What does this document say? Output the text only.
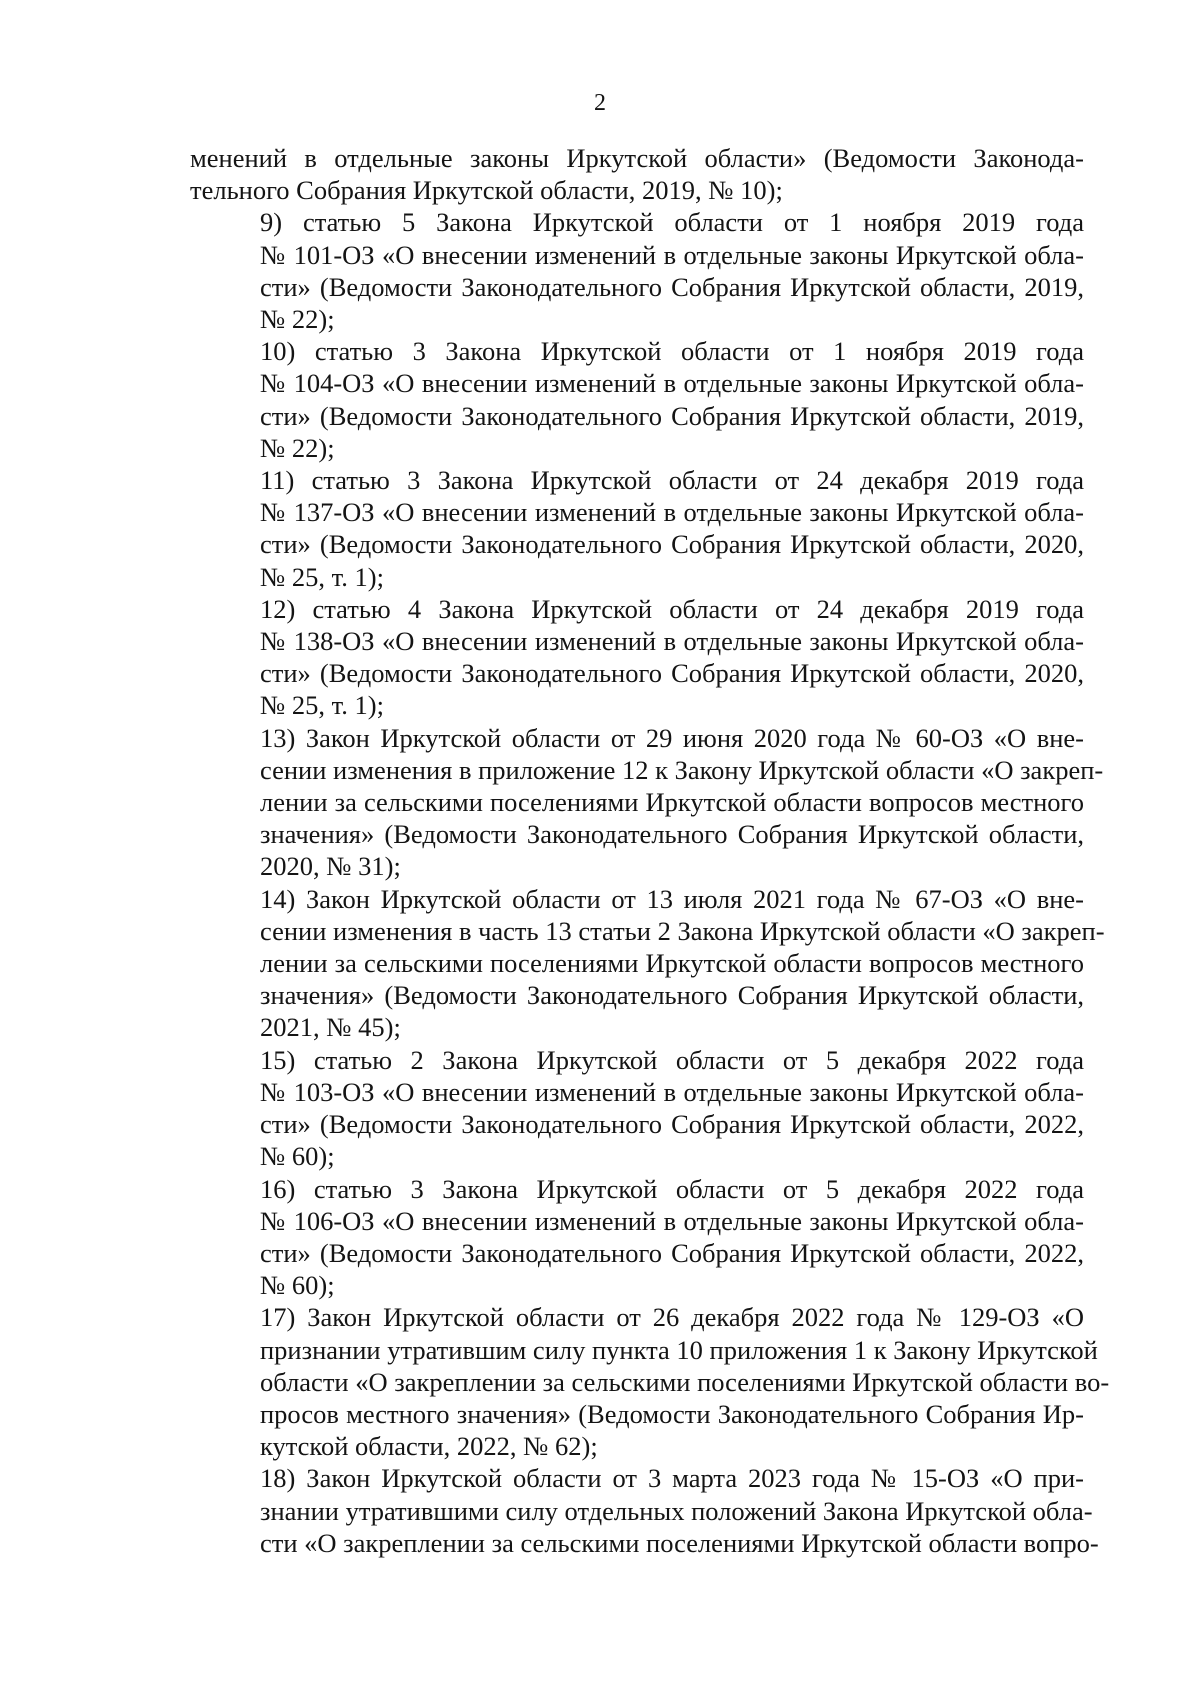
2

менений в отдельные законы Иркутской области» (Ведомости Законода-
тельного Собрания Иркутской области, 2019, № 10);

9) статью 5 Закона Иркутской области от 1 ноября 2019 года
№ 101-ОЗ «О внесении изменений в отдельные законы Иркутской обла-
сти» (Ведомости Законодательного Собрания Иркутской области, 2019,
№ 22);

10) статью 3 Закона Иркутской области от 1 ноября 2019 года
№ 104-ОЗ «О внесении изменений в отдельные законы Иркутской обла-
сти» (Ведомости Законодательного Собрания Иркутской области, 2019,
№ 22);

11) статью 3 Закона Иркутской области от 24 декабря 2019 года
№ 137-ОЗ «О внесении изменений в отдельные законы Иркутской обла-
сти» (Ведомости Законодательного Собрания Иркутской области, 2020,
№ 25, т. 1);

12) статью 4 Закона Иркутской области от 24 декабря 2019 года
№ 138-ОЗ «О внесении изменений в отдельные законы Иркутской обла-
сти» (Ведомости Законодательного Собрания Иркутской области, 2020,
№ 25, т. 1);

13) Закон Иркутской области от 29 июня 2020 года № 60-ОЗ «О вне-
сении изменения в приложение 12 к Закону Иркутской области «О закреп-
лении за сельскими поселениями Иркутской области вопросов местного
значения» (Ведомости Законодательного Собрания Иркутской области,
2020, № 31);

14) Закон Иркутской области от 13 июля 2021 года № 67-ОЗ «О вне-
сении изменения в часть 13 статьи 2 Закона Иркутской области «О закреп-
лении за сельскими поселениями Иркутской области вопросов местного
значения» (Ведомости Законодательного Собрания Иркутской области,
2021, № 45);

15) статью 2 Закона Иркутской области от 5 декабря 2022 года
№ 103-ОЗ «О внесении изменений в отдельные законы Иркутской обла-
сти» (Ведомости Законодательного Собрания Иркутской области, 2022,
№ 60);

16) статью 3 Закона Иркутской области от 5 декабря 2022 года
№ 106-ОЗ «О внесении изменений в отдельные законы Иркутской обла-
сти» (Ведомости Законодательного Собрания Иркутской области, 2022,
№ 60);

17) Закон Иркутской области от 26 декабря 2022 года № 129-ОЗ «О
признании утратившим силу пункта 10 приложения 1 к Закону Иркутской
области «О закреплении за сельскими поселениями Иркутской области во-
просов местного значения» (Ведомости Законодательного Собрания Ир-
кутской области, 2022, № 62);

18) Закон Иркутской области от 3 марта 2023 года № 15-ОЗ «О при-
знании утратившими силу отдельных положений Закона Иркутской обла-
сти «О закреплении за сельскими поселениями Иркутской области вопро-
